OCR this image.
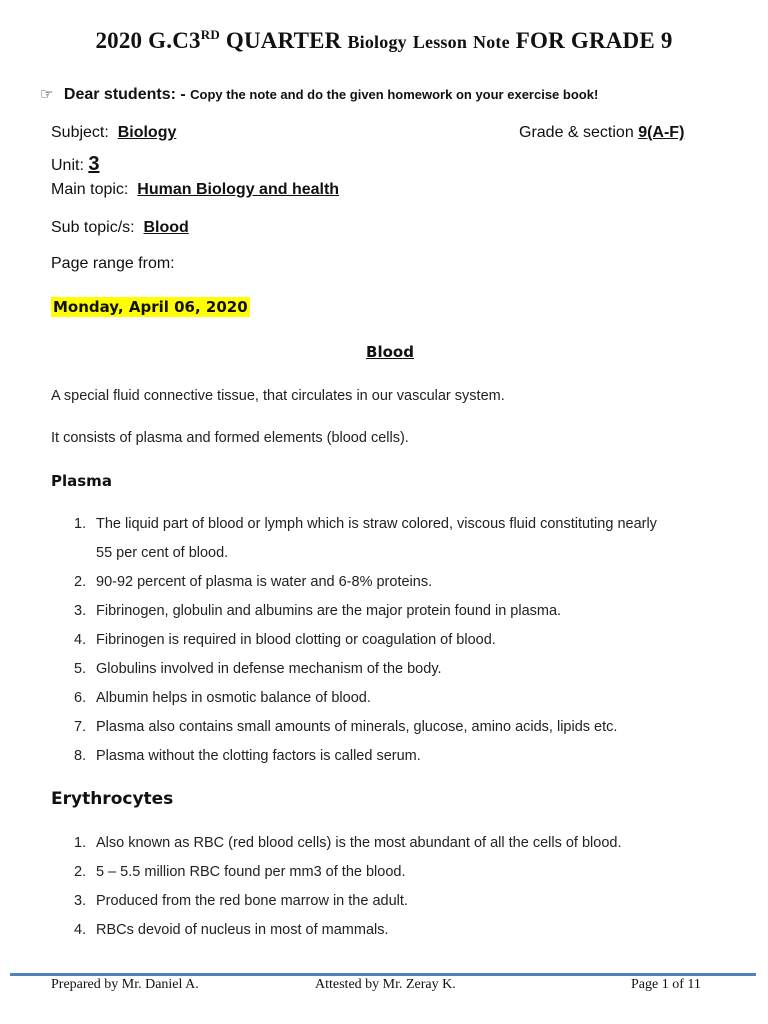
2020 G.C3RD QUARTER Biology Lesson Note FOR GRADE 9
☞ Dear students: - Copy the note and do the given homework on your exercise book!
Subject: Biology	Grade & section 9(A-F)
Unit: 3
Main topic: Human Biology and health
Sub topic/s: Blood
Page range from:
Monday, April 06, 2020
Blood
A special fluid connective tissue, that circulates in our vascular system.
It consists of plasma and formed elements (blood cells).
Plasma
1. The liquid part of blood or lymph which is straw colored, viscous fluid constituting nearly
55 per cent of blood.
2. 90-92 percent of plasma is water and 6-8% proteins.
3. Fibrinogen, globulin and albumins are the major protein found in plasma.
4. Fibrinogen is required in blood clotting or coagulation of blood.
5. Globulins involved in defense mechanism of the body.
6. Albumin helps in osmotic balance of blood.
7. Plasma also contains small amounts of minerals, glucose, amino acids, lipids etc.
8. Plasma without the clotting factors is called serum.
Erythrocytes
1. Also known as RBC (red blood cells) is the most abundant of all the cells of blood.
2. 5 – 5.5 million RBC found per mm3 of the blood.
3. Produced from the red bone marrow in the adult.
4. RBCs devoid of nucleus in most of mammals.
Prepared by Mr. Daniel A.	Attested by Mr. Zeray K.	Page 1 of 11
